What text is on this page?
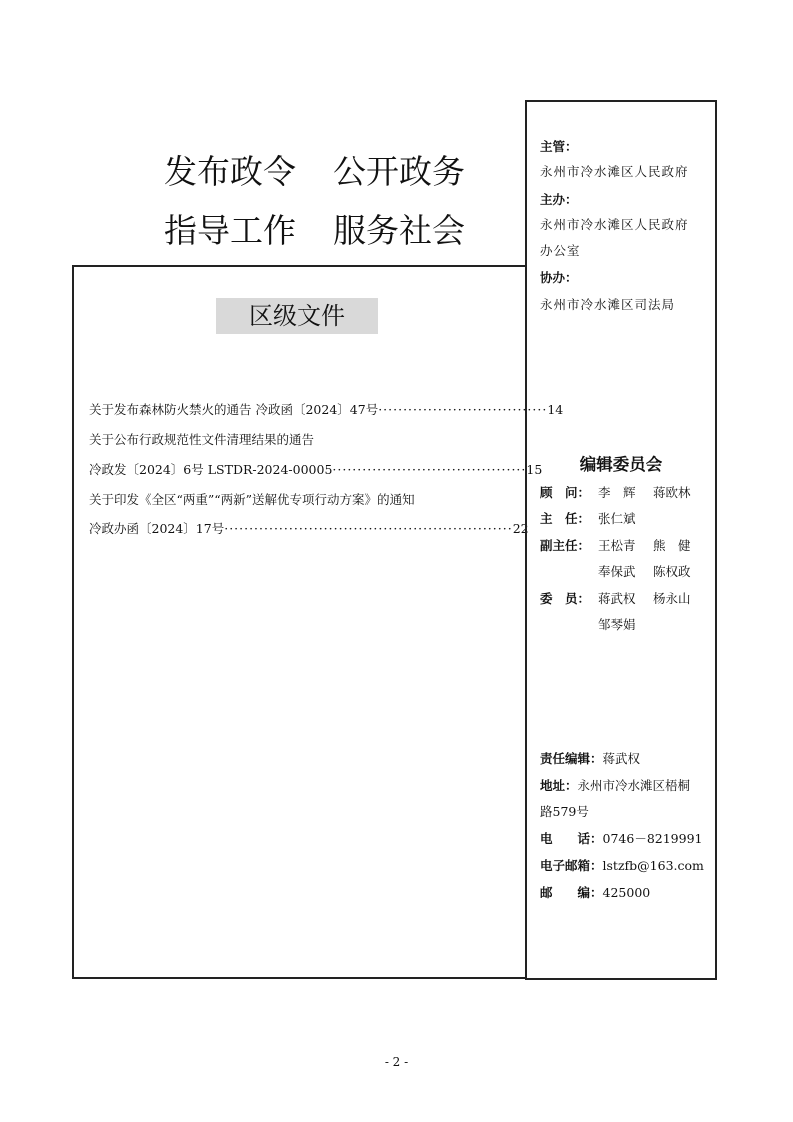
发布政令 公开政务
指导工作 服务社会
区级文件
关于发布森林防火禁火的通告 冷政函〔2024〕47号 ·································· 14
关于公布行政规范性文件清理结果的通告
冷政发〔2024〕6号 LSTDR-2024-00005 ······································· 15
关于印发《全区“两重”“两新”送解优专项行动方案》的通知
冷政办函〔2024〕17号 ·························································· 22
主管：
永州市冷水滩区人民政府
主办：
永州市冷水滩区人民政府
办公室
协办：
永州市冷水滩区司法局
编辑委员会
顾　问： 李　辉 蒋欧林
主　任： 张仁斌
副主任： 王松青 熊　健
奉保武 陈权政
委　员： 蒋武权 杨永山
邹琴娟
责任编辑：蒋武权
地址：永州市冷水滩区梧桐
路579号
电　　话：0746－8219991
电子邮箱：lstzfb@163.com
邮　　编：425000
- 2 -
